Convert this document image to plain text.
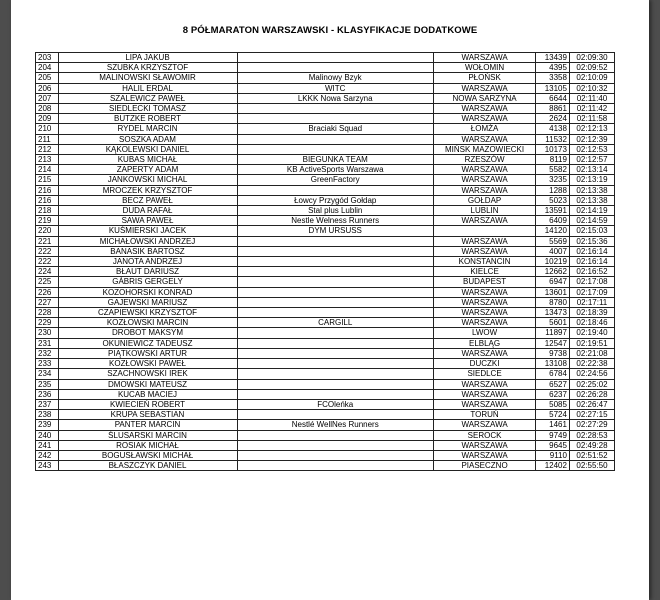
8 PÓŁMARATON WARSZAWSKI - KLASYFIKACJE DODATKOWE
203	LIPA JAKUB		WARSZAWA	13439	02:09:30
204	SZUBKA KRZYSZTOF		WOŁOMIN	4395	02:09:52
205	MALINOWSKI SŁAWOMIR	Malinowy Bzyk	PŁOŃSK	3358	02:10:09
206	HALIL ERDAL	WITC	WARSZAWA	13105	02:10:32
207	SZALEWICZ PAWEŁ	LKKK Nowa Sarzyna	NOWA SARZYNA	6644	02:11:40
208	SIEDLECKI TOMASZ		WARSZAWA	8861	02:11:42
209	BUTZKE ROBERT		WARSZAWA	2624	02:11:58
210	RYDEL MARCIN	Braciaki Squad	ŁOMŻA	4138	02:12:13
211	SOSZKA ADAM		WARSZAWA	11532	02:12:39
212	KĄKOLEWSKI DANIEL		MIŃSK MAZOWIECKI	10173	02:12:53
213	KUBAS MICHAŁ	BIEGUNKA TEAM	RZESZÓW	8119	02:12:57
214	ZAPERTY ADAM	KB ActiveSports Warszawa	WARSZAWA	5582	02:13:14
215	JANKOWSKI MICHAL	GreenFactory	WARSZAWA	3235	02:13:19
216	MROCZEK KRZYSZTOF		WARSZAWA	1288	02:13:38
216	BECZ PAWEŁ	Łowcy Przygód Gołdap	GOŁDAP	5023	02:13:38
218	DUDA RAFAŁ	Stal plus Lublin	LUBLIN	13591	02:14:19
219	SAWA PAWEŁ	Nestle Welness Runners	WARSZAWA	6409	02:14:59
220	KUŚMIERSKI JACEK	DYM URSUSS		14120	02:15:03
221	MICHAŁOWSKI ANDRZEJ		WARSZAWA	5569	02:15:36
222	BANASIK BARTOSZ		WARSZAWA	4007	02:16:14
222	JANOTA ANDRZEJ		KONSTANCIN	10219	02:16:14
224	BŁAUT DARIUSZ		KIELCE	12662	02:16:52
225	GÁBRIS GERGELY		BUDAPEST	6947	02:17:08
226	KOZOHORSKI KONRAD		WARSZAWA	13601	02:17:09
227	GAJEWSKI MARIUSZ		WARSZAWA	8780	02:17:11
228	CZAPIEWSKI KRZYSZTOF		WARSZAWA	13473	02:18:39
229	KOZŁOWSKI MARCIN	CARGILL	WARSZAWA	5601	02:18:46
230	DROBOT MAKSYM		LWOW	11897	02:19:40
231	OKUNIEWICZ TADEUSZ		ELBLĄG	12547	02:19:51
232	PIĄTKOWSKI ARTUR		WARSZAWA	9738	02:21:08
233	KOZŁOWSKI PAWEŁ		DUCZKI	13108	02:22:38
234	SZACHNOWSKI IREK		SIEDLCE	6784	02:24:56
235	DMOWSKI MATEUSZ		WARSZAWA	6527	02:25:02
236	KUCAB MACIEJ		WARSZAWA	6237	02:26:28
237	KWIECIEŃ ROBERT	FCOleńka	WARSZAWA	5085	02:26:47
238	KRUPA SEBASTIAN		TORUŃ	5724	02:27:15
239	PANTER MARCIN	Nestlé WellNes Runners	WARSZAWA	1461	02:27:29
240	ŚLUSARSKI MARCIN		SEROCK	9749	02:28:53
241	ROSIAK MICHAŁ		WARSZAWA	9645	02:49:28
242	BOGUSŁAWSKI MICHAŁ		WARSZAWA	9110	02:51:52
243	BŁASZCZYK DANIEL		PIASECZNO	12402	02:55:50
